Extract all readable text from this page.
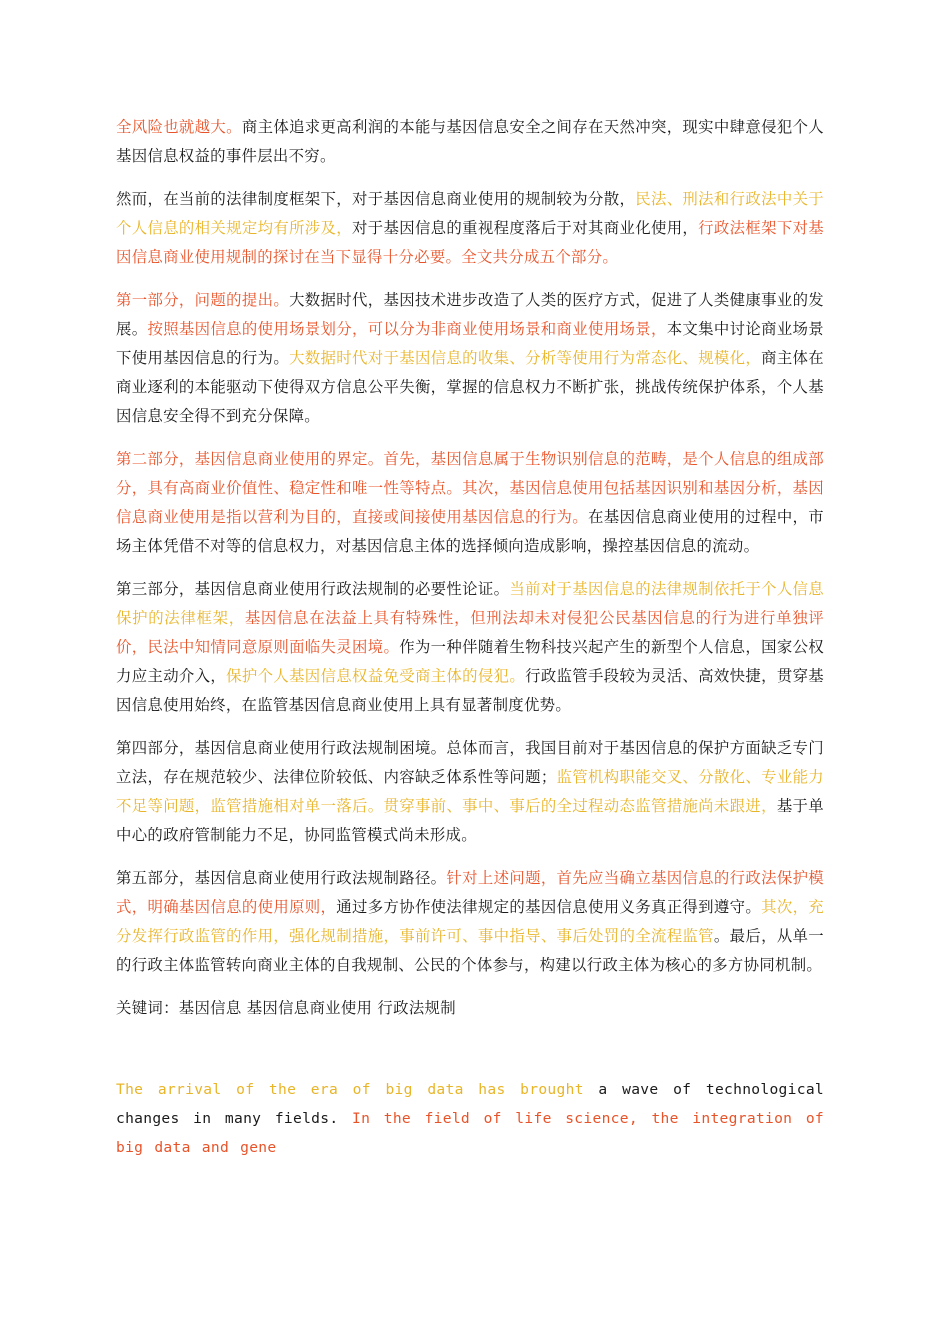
全风险也就越大。商主体追求更高利润的本能与基因信息安全之间存在天然冲突，现实中肆意侵犯个人基因信息权益的事件层出不穷。

然而，在当前的法律制度框架下，对于基因信息商业使用的规制较为分散，民法、刑法和行政法中关于个人信息的相关规定均有所涉及，对于基因信息的重视程度落后于对其商业化使用，行政法框架下对基因信息商业使用规制的探讨在当下显得十分必要。全文共分成五个部分。

第一部分，问题的提出。大数据时代，基因技术进步改造了人类的医疗方式，促进了人类健康事业的发展。按照基因信息的使用场景划分，可以分为非商业使用场景和商业使用场景，本文集中讨论商业场景下使用基因信息的行为。大数据时代对于基因信息的收集、分析等使用行为常态化、规模化，商主体在商业逐利的本能驱动下使得双方信息公平失衡，掌握的信息权力不断扩张，挑战传统保护体系，个人基因信息安全得不到充分保障。

第二部分，基因信息商业使用的界定。首先，基因信息属于生物识别信息的范畴，是个人信息的组成部分，具有高商业价值性、稳定性和唯一性等特点。其次，基因信息使用包括基因识别和基因分析，基因信息商业使用是指以营利为目的，直接或间接使用基因信息的行为。在基因信息商业使用的过程中，市场主体凭借不对等的信息权力，对基因信息主体的选择倾向造成影响，操控基因信息的流动。

第三部分，基因信息商业使用行政法规制的必要性论证。当前对于基因信息的法律规制依托于个人信息保护的法律框架，基因信息在法益上具有特殊性，但刑法却未对侵犯公民基因信息的行为进行单独评价，民法中知情同意原则面临失灵困境。作为一种伴随着生物科技兴起产生的新型个人信息，国家公权力应主动介入，保护个人基因信息权益免受商主体的侵犯。行政监管手段较为灵活、高效快捷，贯穿基因信息使用始终，在监管基因信息商业使用上具有显著制度优势。

第四部分，基因信息商业使用行政法规制困境。总体而言，我国目前对于基因信息的保护方面缺乏专门立法，存在规范较少、法律位阶较低、内容缺乏体系性等问题；监管机构职能交叉、分散化、专业能力不足等问题，监管措施相对单一落后。贯穿事前、事中、事后的全过程动态监管措施尚未跟进，基于单中心的政府管制能力不足，协同监管模式尚未形成。

第五部分，基因信息商业使用行政法规制路径。针对上述问题，首先应当确立基因信息的行政法保护模式，明确基因信息的使用原则，通过多方协作使法律规定的基因信息使用义务真正得到遵守。其次，充分发挥行政监管的作用，强化规制措施，事前许可、事中指导、事后处罚的全流程监管。最后，从单一的行政主体监管转向商业主体的自我规制、公民的个体参与，构建以行政主体为核心的多方协同机制。

关键词：基因信息 基因信息商业使用 行政法规制

The arrival of the era of big data has brought a wave of technological changes in many fields. In the field of life science, the integration of big data and gene
